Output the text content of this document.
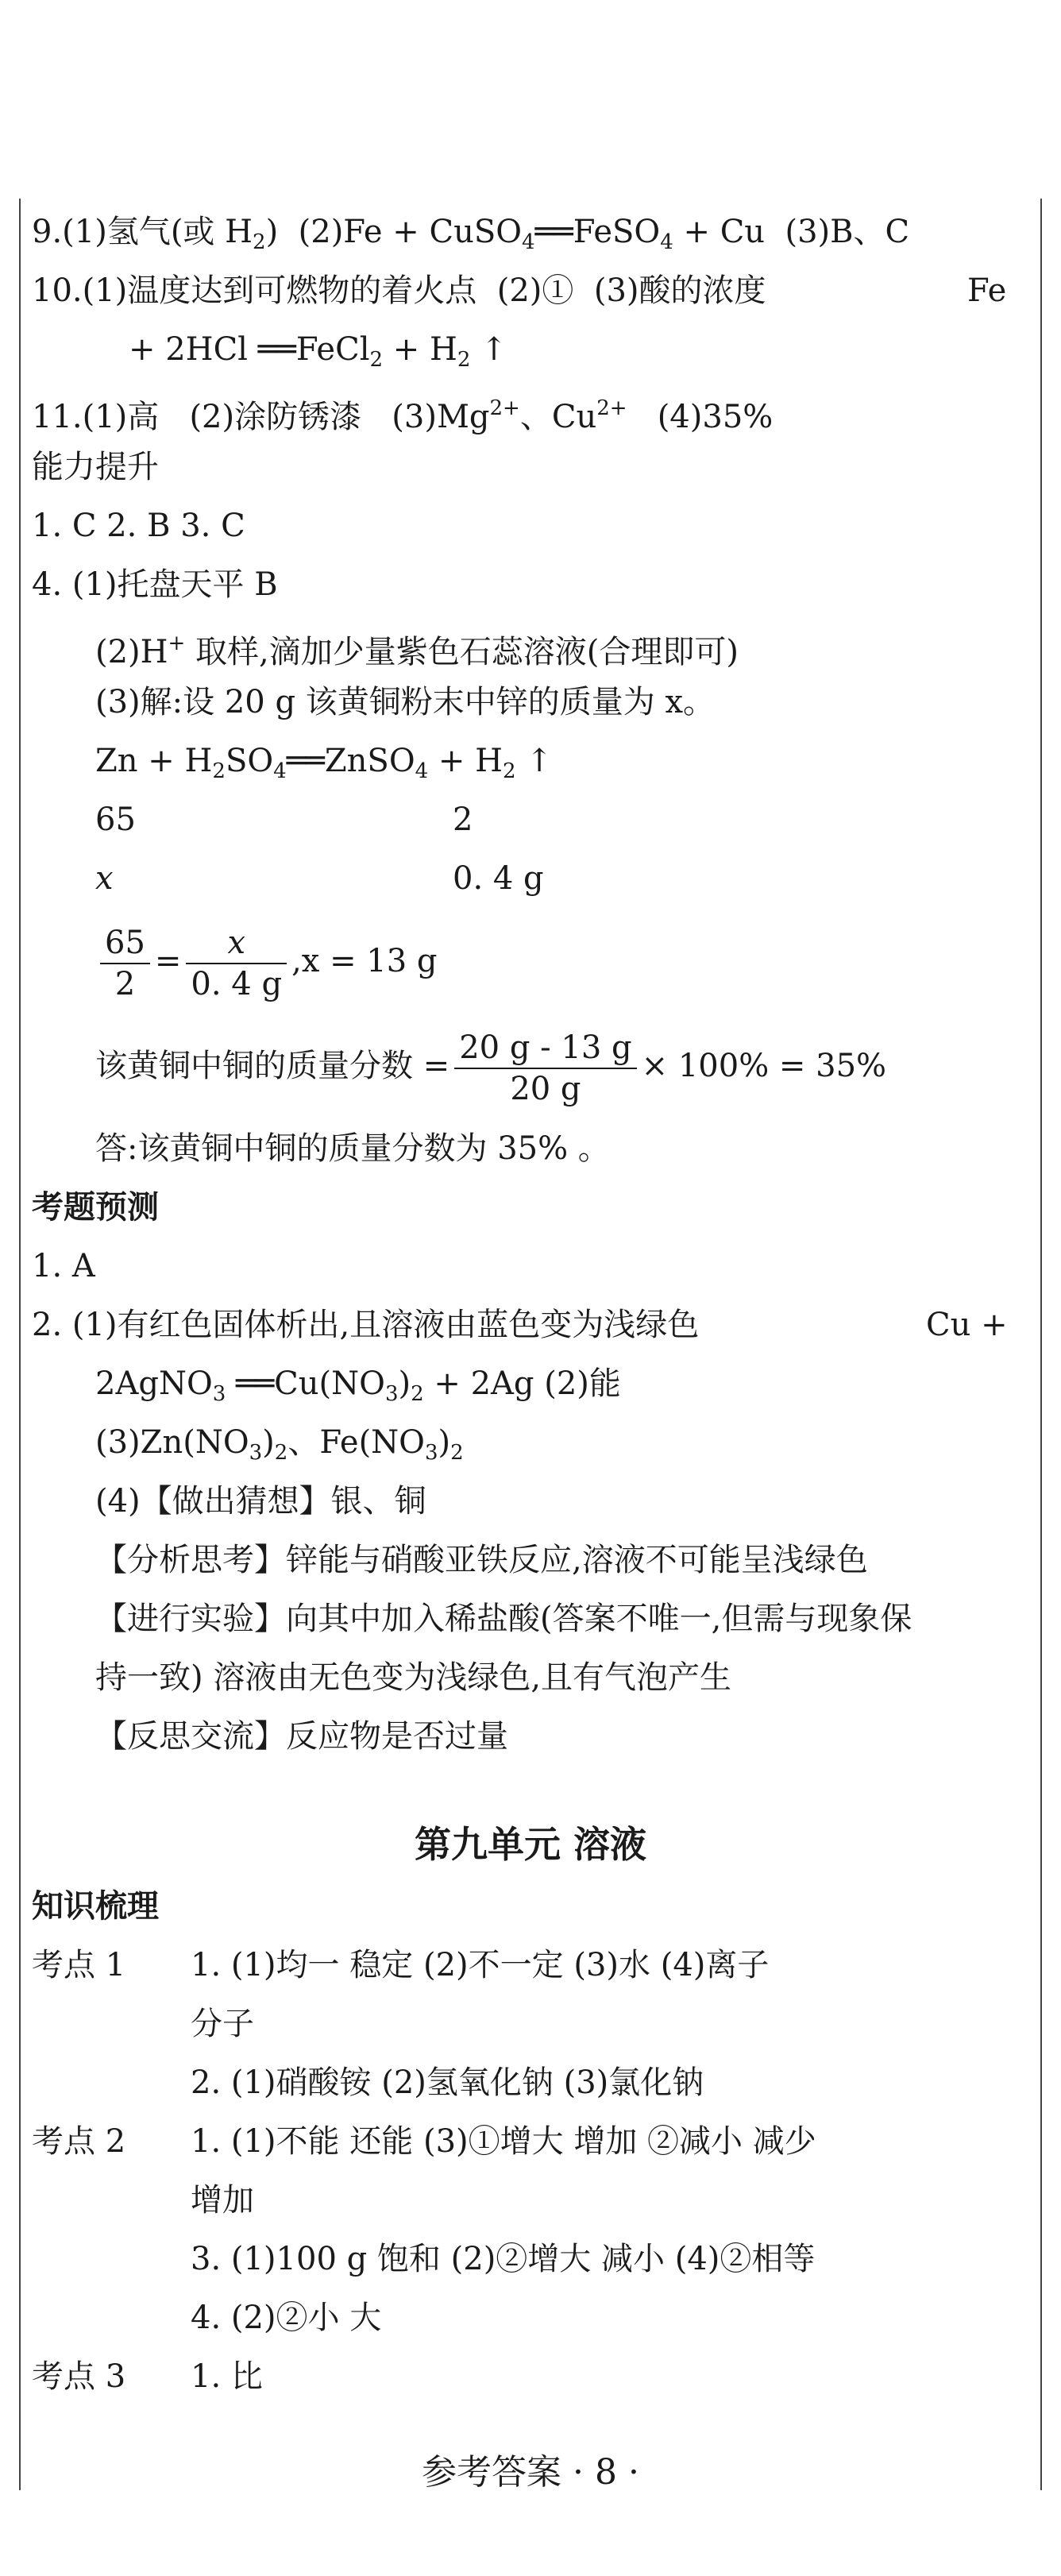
9.(1)氢气(或 $H_2$) (2)Fe + CuSO$_4$══FeSO$_4$ + Cu (3)B、C
10.(1)温度达到可燃物的着火点 (2)① (3)酸的浓度	Fe
+ 2HCl ══FeCl$_2$ + $H_2$ ↑
11.(1)高 (2)涂防锈漆 $(3)Mg^{2+}$、$Cu^{2+}$ (4)35%
能力提升
1. C 2. B 3. C
4. (1)托盘天平 B
(2)H+ 取样,滴加少量紫色石蕊溶液(合理即可)
(3)解:设 20 g 该黄铜粉末中锌的质量为 x。
$Zn + H_2SO_4══ZnSO_4 + H_2$ ↑
65	2
x	0. 4 g
$\frac{65}{2} = \frac{x}{0. 4 g} ,x = 13$ g
该黄铜中铜的质量分数 = $\frac{20 g - 13 g}{20 g} \times 100\% = 35\%$
答:该黄铜中铜的质量分数为 35% 。
考题预测
1. A
2. (1)有红色固体析出,且溶液由蓝色变为浅绿色	Cu +
2AgNO$_3$ $══Cu(NO_3)_2 + 2Ag$ (2)能
$(3)Zn(NO_3)_2$、$Fe(NO_3)_2$
(4)【做出猜想】银、铜
【分析思考】锌能与硝酸亚铁反应,溶液不可能呈浅绿色
【进行实验】向其中加入稀盐酸(答案不唯一,但需与现象保
持一致) 溶液由无色变为浅绿色,且有气泡产生
【反思交流】反应物是否过量
第九单元 溶液
知识梳理
考点 1 1. (1)均一 稳定 (2)不一定 (3)水 (4)离子
分子
2. (1)硝酸铵 (2)氢氧化钠 (3)氯化钠
考点 2 1. (1)不能 还能 (3)①增大 增加 ②减小 减少
增加
3. (1)100 g 饱和 (2)②增大 减小 (4)②相等
4. (2)②小 大
考点 3 1. 比
参考答案 · 8 ·
